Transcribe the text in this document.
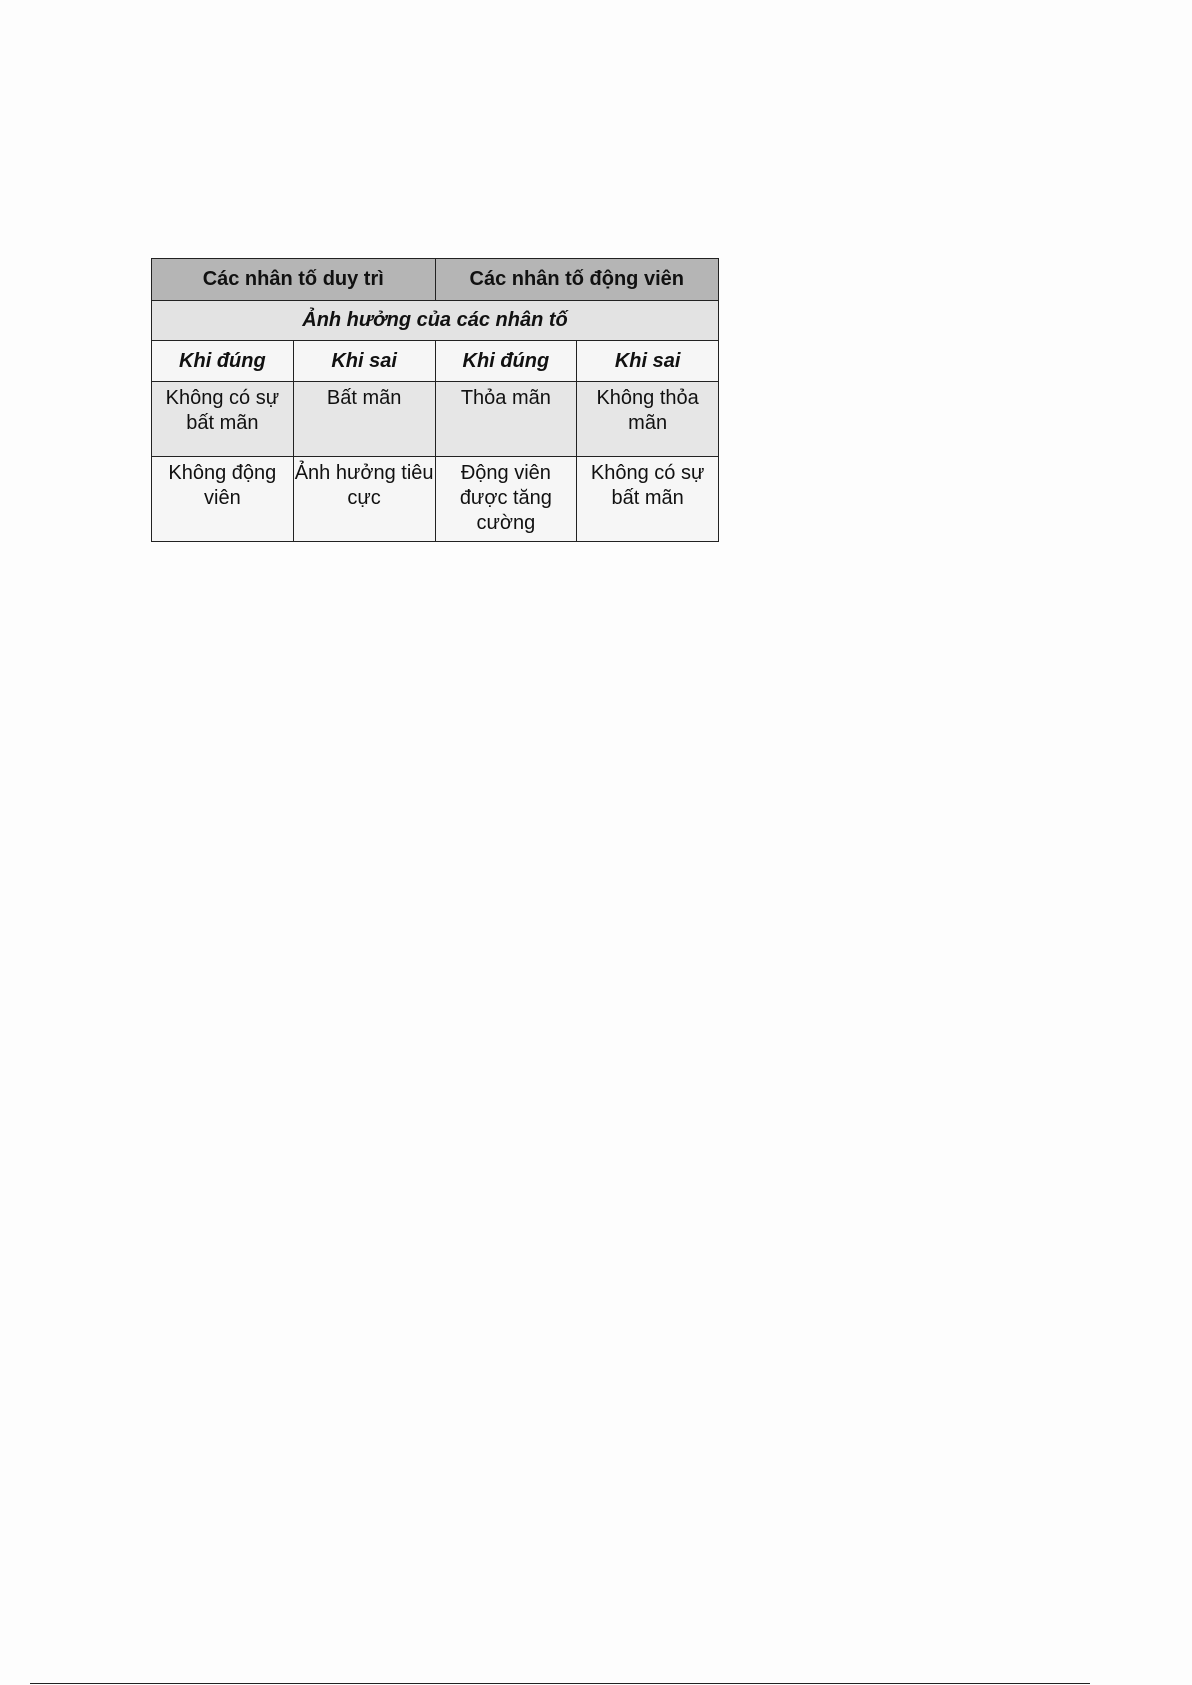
Các nhân tố duy trì		Các nhân tố động viên	
Ảnh hưởng của các nhân tố			
Khi đúng	Khi sai	Khi đúng	Khi sai
Không có sự bất mãn	Bất mãn	Thỏa mãn	Không thỏa mãn
Không động viên	Ảnh hưởng tiêu cực	Động viên được tăng cường	Không có sự bất mãn
